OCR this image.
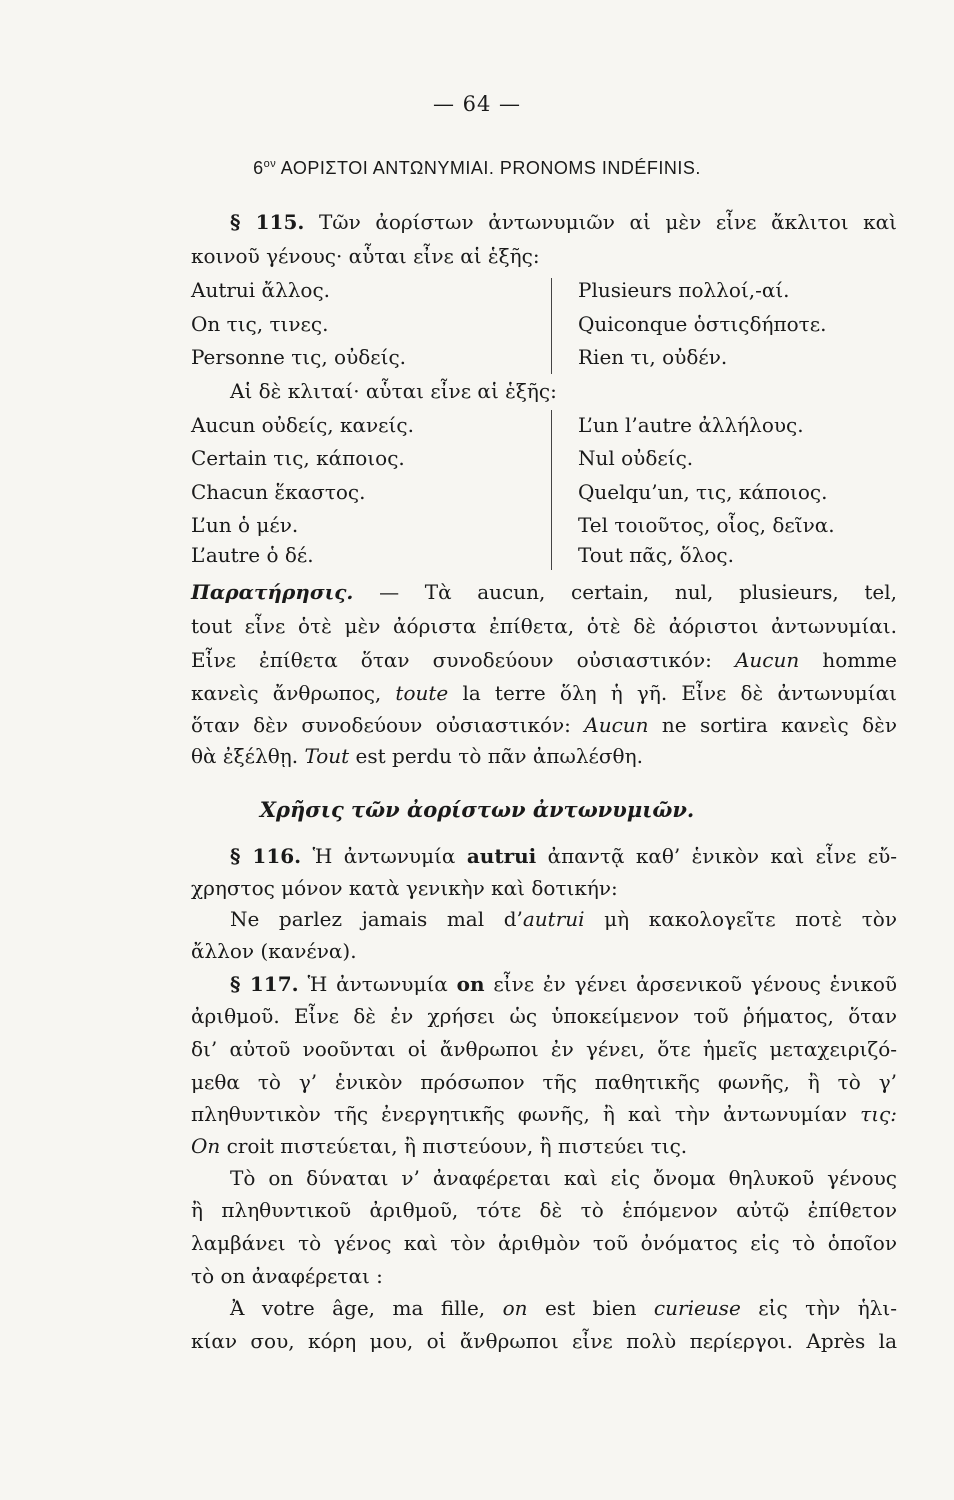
— 64 —
$6^{o\nu}$ ΑΟΡΙΣΤΟΙ ΑΝΤΩΝΥΜΙΑΙ. PRONOMS INDÉFINIS.
§ 115. Τῶν ἀορίστων ἀντωνυμιῶν αἱ μὲν εἶνε ἄκλιτοι καὶ
κοινοῦ γένους· αὗται εἶνε αἱ ἑξῆς:
Autrui ἄλλος.
On τις, τινες.
Personne τις, οὐδείς.
Plusieurs πολλοί,-αί.
Quiconque ὁστιςδήποτε.
Rien τι, οὐδέν.
Αἱ δὲ κλιταί· αὗται εἶνε αἱ ἑξῆς:
Aucun οὐδείς, κανείς.
Certain τις, κάποιος.
Chacun ἕκαστος.
L’un ὁ μέν.
L’autre ὁ δέ.
L’un l’autre ἀλλήλους.
Nul οὐδείς.
Quelqu’un, τις, κάποιος.
Tel τοιοῦτος, οἷος, δεῖνα.
Tout πᾶς, ὅλος.
Παρατήρησις. — Τὰ aucun, certain, nul, plusieurs, tel,
tout εἶνε ὁτὲ μὲν ἀόριστα ἐπίθετα, ὁτὲ δὲ ἀόριστοι ἀντωνυμίαι.
Εἶνε ἐπίθετα ὅταν συνοδεύουν οὐσιαστικόν: Aucun homme
κανεὶς ἄνθρωπος, toute la terre ὅλη ἡ γῆ. Εἶνε δὲ ἀντωνυμίαι
ὅταν δὲν συνοδεύουν οὐσιαστικόν: Aucun ne sortira κανεὶς δὲν
θὰ ἐξέλθῃ. Tout est perdu τὸ πᾶν ἀπωλέσθη.
Χρῆσις τῶν ἀορίστων ἀντωνυμιῶν.
§ 116. Ἡ ἀντωνυμία autrui ἀπαντᾷ καθ’ ἑνικὸν καὶ εἶνε εὔ-
χρηστος μόνον κατὰ γενικὴν καὶ δοτικήν:
Ne parlez jamais mal d’autrui μὴ κακολογεῖτε ποτὲ τὸν
ἄλλον (κανένα).
§ 117. Ἡ ἀντωνυμία on εἶνε ἐν γένει ἀρσενικοῦ γένους ἑνικοῦ
ἀριθμοῦ. Εἶνε δὲ ἐν χρήσει ὡς ὑποκείμενον τοῦ ῥήματος, ὅταν
δι’ αὐτοῦ νοοῦνται οἱ ἄνθρωποι ἐν γένει, ὅτε ἡμεῖς μεταχειριζό-
μεθα τὸ γ’ ἑνικὸν πρόσωπον τῆς παθητικῆς φωνῆς, ἢ τὸ γ’
πληθυντικὸν τῆς ἐνεργητικῆς φωνῆς, ἢ καὶ τὴν ἀντωνυμίαν τις:
On croit πιστεύεται, ἢ πιστεύουν, ἢ πιστεύει τις.
Τὸ on δύναται ν’ ἀναφέρεται καὶ εἰς ὄνομα θηλυκοῦ γένους
ἢ πληθυντικοῦ ἀριθμοῦ, τότε δὲ τὸ ἑπόμενον αὐτῷ ἐπίθετον
λαμβάνει τὸ γένος καὶ τὸν ἀριθμὸν τοῦ ὀνόματος εἰς τὸ ὁποῖον
τὸ on ἀναφέρεται :
Ἀ votre âge, ma fille, on est bien curieuse εἰς τὴν ἡλι-
κίαν σου, κόρη μου, οἱ ἄνθρωποι εἶνε πολὺ περίεργοι. Après la
